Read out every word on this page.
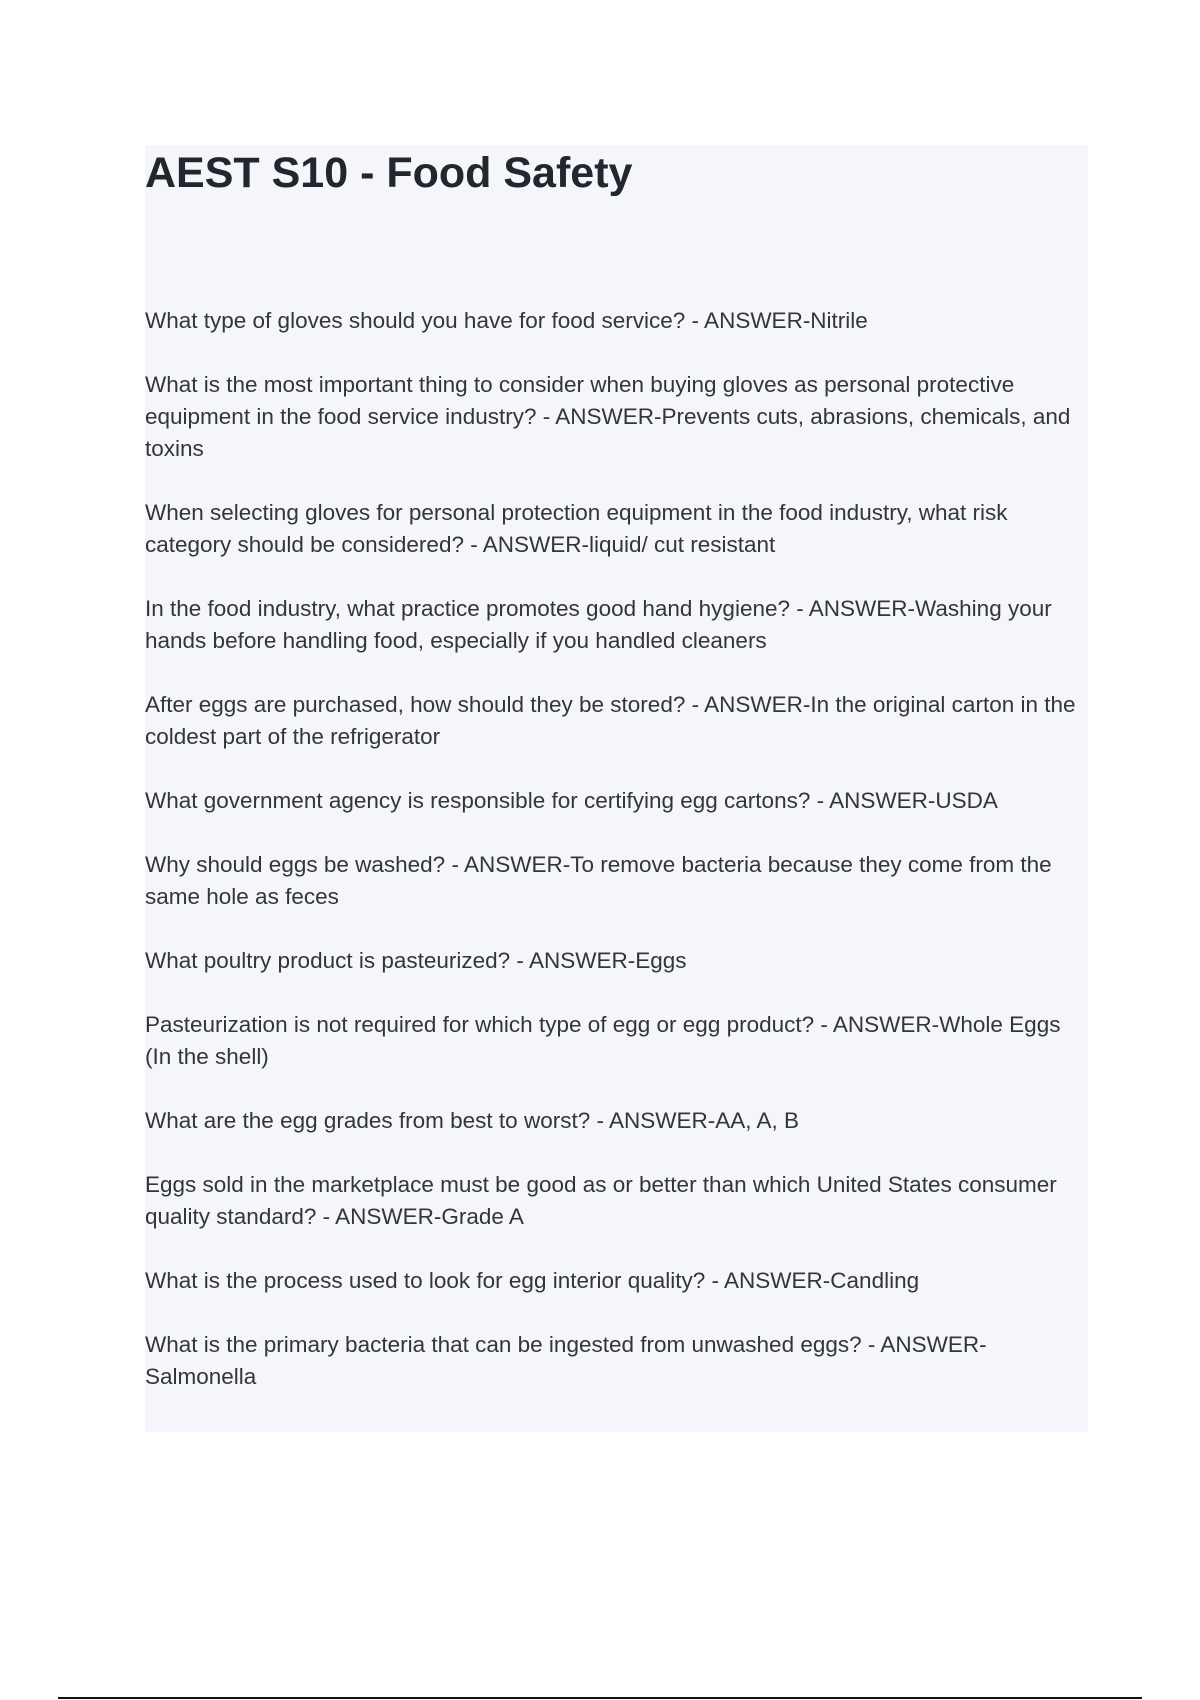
AEST S10 - Food Safety

What type of gloves should you have for food service? - ANSWER-Nitrile

What is the most important thing to consider when buying gloves as personal protective equipment in the food service industry? - ANSWER-Prevents cuts, abrasions, chemicals, and toxins

When selecting gloves for personal protection equipment in the food industry, what risk category should be considered? - ANSWER-liquid/ cut resistant

In the food industry, what practice promotes good hand hygiene? - ANSWER-Washing your hands before handling food, especially if you handled cleaners

After eggs are purchased, how should they be stored? - ANSWER-In the original carton in the coldest part of the refrigerator

What government agency is responsible for certifying egg cartons? - ANSWER-USDA

Why should eggs be washed? - ANSWER-To remove bacteria because they come from the same hole as feces

What poultry product is pasteurized? - ANSWER-Eggs

Pasteurization is not required for which type of egg or egg product? - ANSWER-Whole Eggs (In the shell)

What are the egg grades from best to worst? - ANSWER-AA, A, B

Eggs sold in the marketplace must be good as or better than which United States consumer quality standard? - ANSWER-Grade A

What is the process used to look for egg interior quality? - ANSWER-Candling

What is the primary bacteria that can be ingested from unwashed eggs? - ANSWER-Salmonella
